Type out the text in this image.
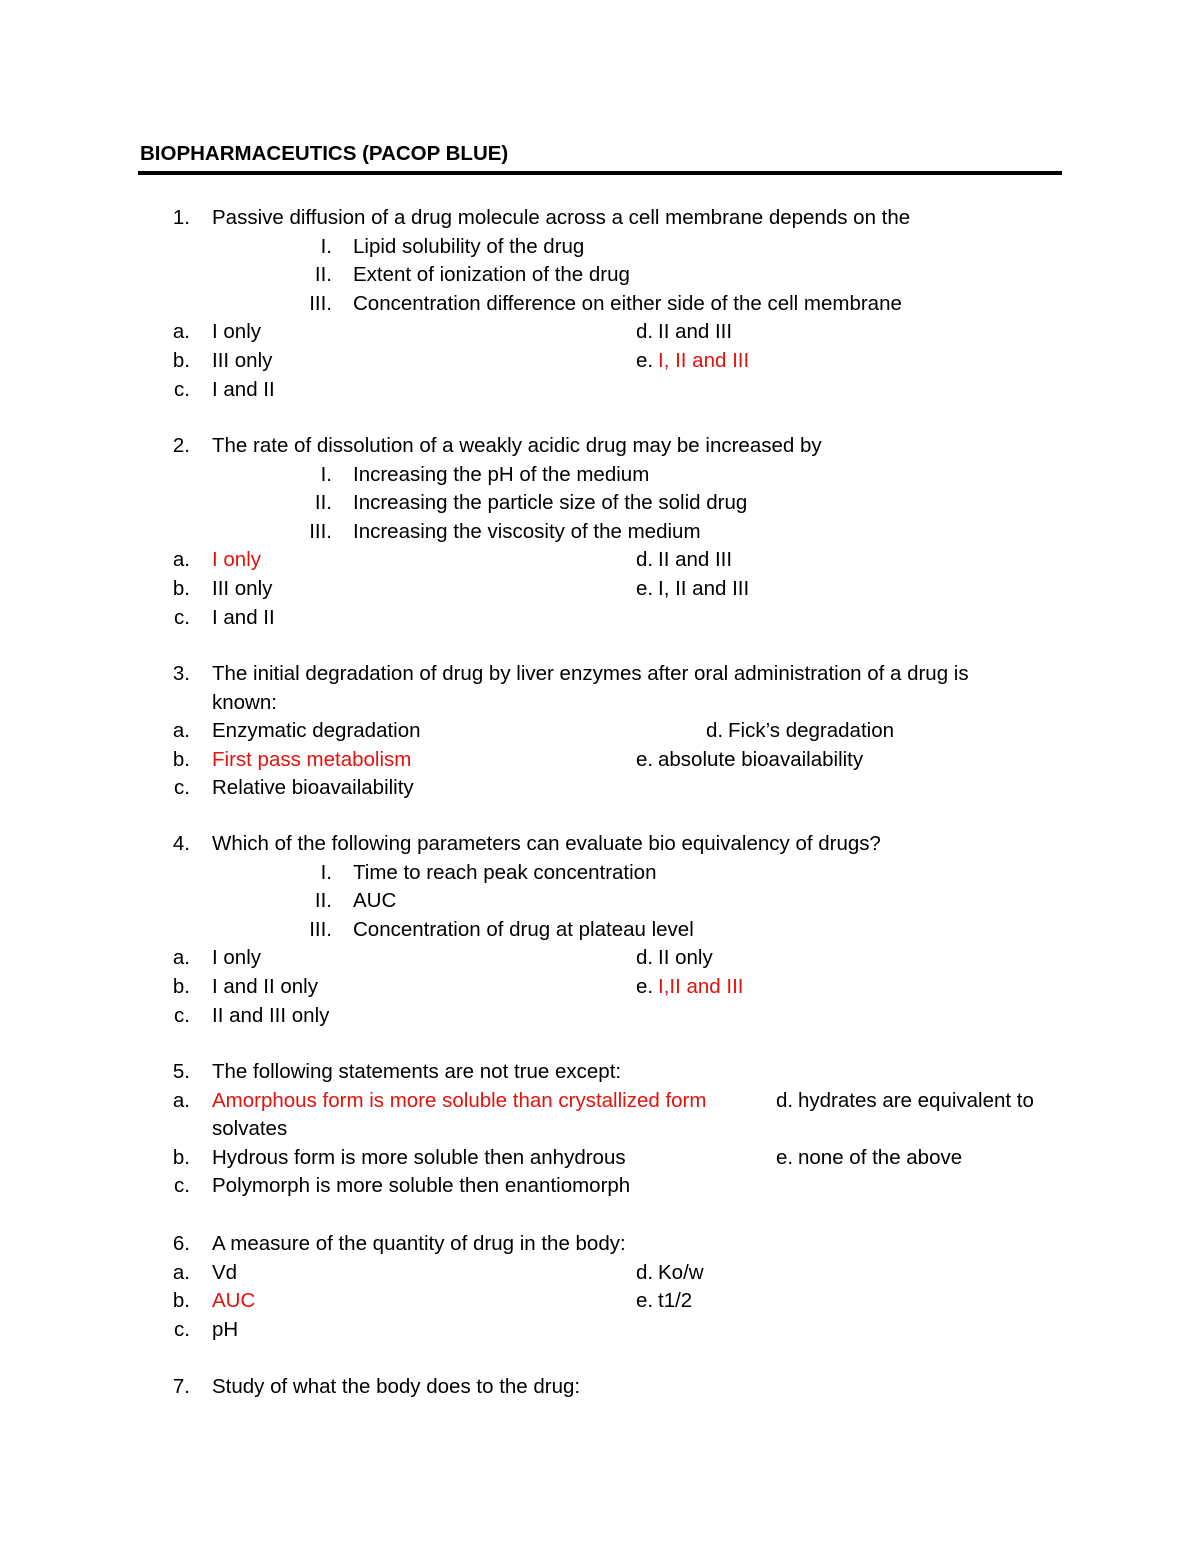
BIOPHARMACEUTICS (PACOP BLUE)
1. Passive diffusion of a drug molecule across a cell membrane depends on the
I. Lipid solubility of the drug
II. Extent of ionization of the drug
III. Concentration difference on either side of the cell membrane
d. II and III
e. I, II and III
a. I only
b. III only
c. I and II
2. The rate of dissolution of a weakly acidic drug may be increased by
I. Increasing the pH of the medium
II. Increasing the particle size of the solid drug
III. Increasing the viscosity of the medium
d. II and III
e. I, II and III
a. I only
b. III only
c. I and II
3. The initial degradation of drug by liver enzymes after oral administration of a drug is
known:
d. Fick’s degradation
e. absolute bioavailability
a. Enzymatic degradation
b. First pass metabolism
c. Relative bioavailability
4. Which of the following parameters can evaluate bio equivalency of drugs?
I. Time to reach peak concentration
II. AUC
III. Concentration of drug at plateau level
d. II only
e. I,II and III
a. I only
b. I and II only
c. II and III only
5. The following statements are not true except:
d. hydrates are equivalent to
e. none of the above
a. Amorphous form is more soluble than crystallized form
solvates
b. Hydrous form is more soluble then anhydrous
c. Polymorph is more soluble then enantiomorph
6. A measure of the quantity of drug in the body:
d. Ko/w
e. t1/2
a. Vd
b. AUC
c. pH
7. Study of what the body does to the drug:
